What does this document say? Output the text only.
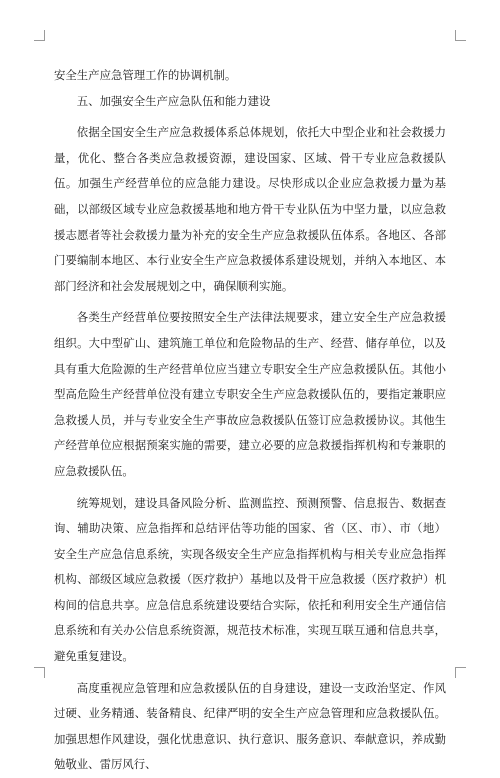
安全生产应急管理工作的协调机制。

五、加强安全生产应急队伍和能力建设

依据全国安全生产应急救援体系总体规划，依托大中型企业和社会救援力量，优化、整合各类应急救援资源，建设国家、区域、骨干专业应急救援队伍。加强生产经营单位的应急能力建设。尽快形成以企业应急救援力量为基础，以部级区域专业应急救援基地和地方骨干专业队伍为中坚力量，以应急救援志愿者等社会救援力量为补充的安全生产应急救援队伍体系。各地区、各部门要编制本地区、本行业安全生产应急救援体系建设规划，并纳入本地区、本部门经济和社会发展规划之中，确保顺利实施。

各类生产经营单位要按照安全生产法律法规要求，建立安全生产应急救援组织。大中型矿山、建筑施工单位和危险物品的生产、经营、储存单位，以及具有重大危险源的生产经营单位应当建立专职安全生产应急救援队伍。其他小型高危险生产经营单位没有建立专职安全生产应急救援队伍的，要指定兼职应急救援人员，并与专业安全生产事故应急救援队伍签订应急救援协议。其他生产经营单位应根据预案实施的需要，建立必要的应急救援指挥机构和专兼职的应急救援队伍。

统筹规划，建设具备风险分析、监测监控、预测预警、信息报告、数据查询、辅助决策、应急指挥和总结评估等功能的国家、省（区、市）、市（地）安全生产应急信息系统，实现各级安全生产应急指挥机构与相关专业应急指挥机构、部级区域应急救援（医疗救护）基地以及骨干应急救援（医疗救护）机构间的信息共享。应急信息系统建设要结合实际，依托和利用安全生产通信信息系统和有关办公信息系统资源，规范技术标准，实现互联互通和信息共享，避免重复建设。

高度重视应急管理和应急救援队伍的自身建设，建设一支政治坚定、作风过硬、业务精通、装备精良、纪律严明的安全生产应急管理和应急救援队伍。加强思想作风建设，强化忧患意识、执行意识、服务意识、奉献意识，养成勤勉敬业、雷厉风行、
